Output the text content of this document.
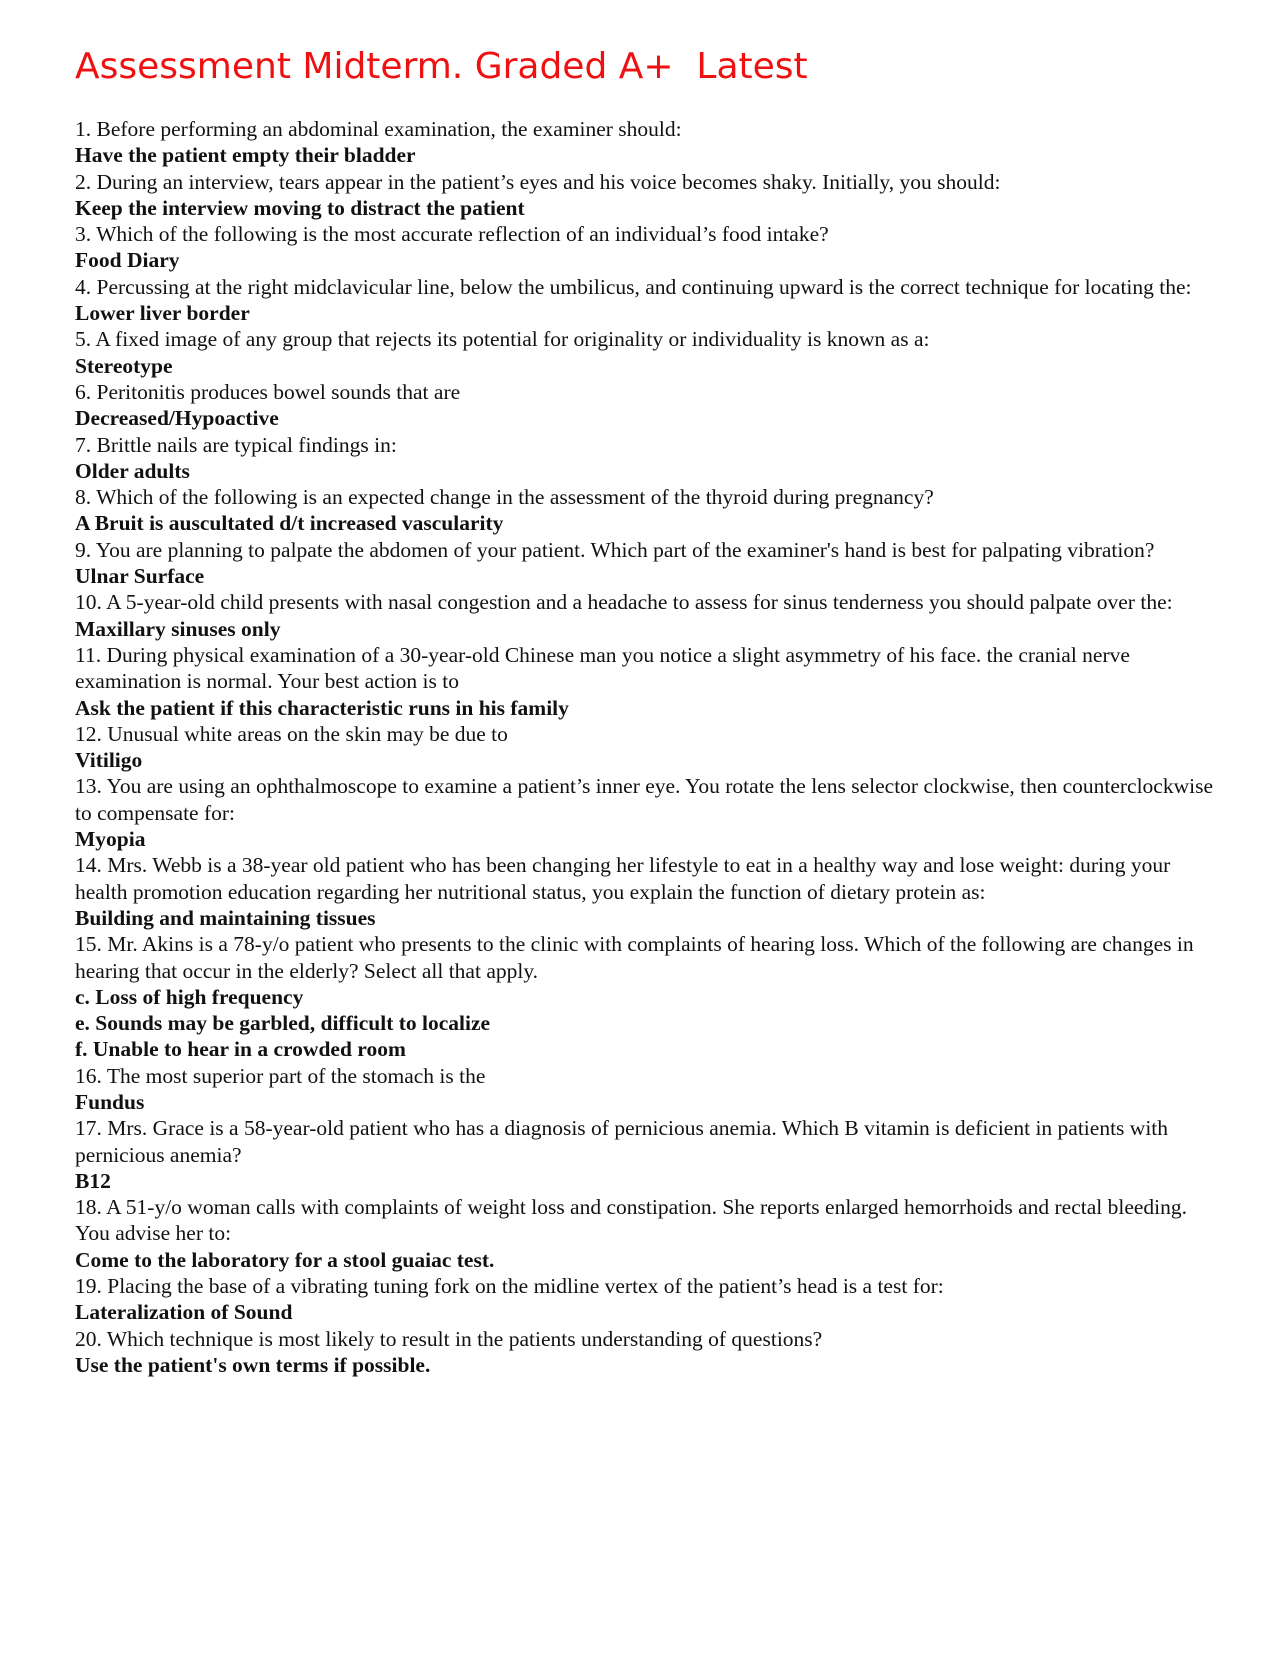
Assessment Midterm. Graded A+  Latest

1. Before performing an abdominal examination, the examiner should:

Have the patient empty their bladder

2. During an interview, tears appear in the patient’s eyes and his voice becomes shaky. Initially, you should:

Keep the interview moving to distract the patient

3. Which of the following is the most accurate reflection of an individual’s food intake?

Food Diary

4. Percussing at the right midclavicular line, below the umbilicus, and continuing upward is the correct technique for locating the:

Lower liver border

5. A fixed image of any group that rejects its potential for originality or individuality is known as a:

Stereotype

6. Peritonitis produces bowel sounds that are

Decreased/Hypoactive

7. Brittle nails are typical findings in:

Older adults

8. Which of the following is an expected change in the assessment of the thyroid during pregnancy?

A Bruit is auscultated d/t increased vascularity

9. You are planning to palpate the abdomen of your patient. Which part of the examiner's hand is best for palpating vibration?

Ulnar Surface

10. A 5-year-old child presents with nasal congestion and a headache to assess for sinus tenderness you should palpate over the:

Maxillary sinuses only

11. During physical examination of a 30-year-old Chinese man you notice a slight asymmetry of his face. the cranial nerve examination is normal. Your best action is to

Ask the patient if this characteristic runs in his family

12. Unusual white areas on the skin may be due to

Vitiligo

13. You are using an ophthalmoscope to examine a patient’s inner eye. You rotate the lens selector clockwise, then counterclockwise to compensate for:

Myopia

14. Mrs. Webb is a 38-year old patient who has been changing her lifestyle to eat in a healthy way and lose weight: during your health promotion education regarding her nutritional status, you explain the function of dietary protein as:

Building and maintaining tissues

15. Mr. Akins is a 78-y/o patient who presents to the clinic with complaints of hearing loss. Which of the following are changes in hearing that occur in the elderly? Select all that apply.

c. Loss of high frequency
e. Sounds may be garbled, difficult to localize
f. Unable to hear in a crowded room

16. The most superior part of the stomach is the

Fundus

17. Mrs. Grace is a 58-year-old patient who has a diagnosis of pernicious anemia. Which B vitamin is deficient in patients with pernicious anemia?

B12

18. A 51-y/o woman calls with complaints of weight loss and constipation. She reports enlarged hemorrhoids and rectal bleeding. You advise her to:

Come to the laboratory for a stool guaiac test.

19. Placing the base of a vibrating tuning fork on the midline vertex of the patient’s head is a test for:

Lateralization of Sound

20. Which technique is most likely to result in the patients understanding of questions?

Use the patient's own terms if possible.
